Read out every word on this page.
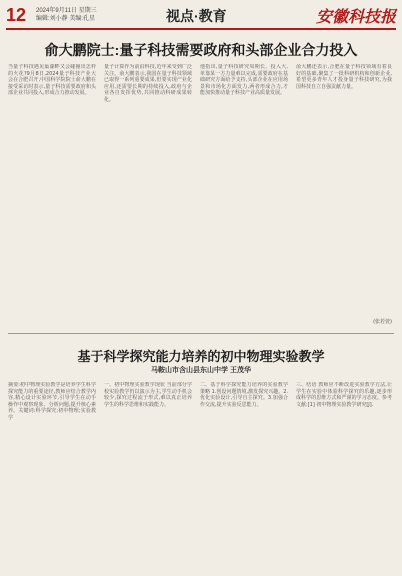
12 2024年9月11日 星期三
编辑:刘小静 美编:孔星	视点·教育	安徽科技报
俞大鹏院士:量子科技需要政府和头部企业合力投入
当量子科技遇见巢湖畔又会碰撞出怎样的火花?9月8日,2024量子科技产业大会在合肥召开,中国科学院院士俞大鹏在接受采访时表示,量子科技需要政府和头部企业共同投入,形成合力推动发展。
量子计算作为前沿科技,近年来受到广泛关注。俞大鹏表示,我国在量子科技领域已取得一系列重要成果,但要实现产业化应用,还需要长期的持续投入,政府与企业各自发挥优势,共同推动科研成果转化。
他指出,量子科技研究周期长、投入大,单靠某一方力量难以完成,需要政府在基础研究方面给予支持,头部企业在应用场景和市场化方面发力,两者形成合力,才能加快推动量子科技产业高质量发展。
俞大鹏还表示,合肥在量子科技领域有着良好的基础,聚集了一批科研机构和创新企业,希望更多青年人才投身量子科技研究,为我国科技自立自强贡献力量。
(张若萱)
基于科学探究能力培养的初中物理实验教学
马鞍山市含山县东山中学 王茂华
摘要:初中物理实验教学是培养学生科学探究能力的重要途径,教师应结合教学内容,精心设计实验环节,引导学生在动手操作中观察现象、分析问题,提升核心素养。关键词:科学探究;初中物理;实验教学
一、初中物理实验教学现状 当前部分学校实验教学仍以演示为主,学生动手机会较少,探究过程流于形式,难以真正培养学生的科学思维和实践能力。
二、基于科学探究能力培养的实验教学策略 1.创设问题情境,激发探究兴趣。2.优化实验设计,引导自主探究。3.加强合作交流,提升实验反思能力。
三、结语 教师应不断改进实验教学方法,让学生在实验中体验科学探究的乐趣,逐步形成科学的思维方式和严谨的学习态度。参考文献:[1] 初中物理实验教学研究[J].
